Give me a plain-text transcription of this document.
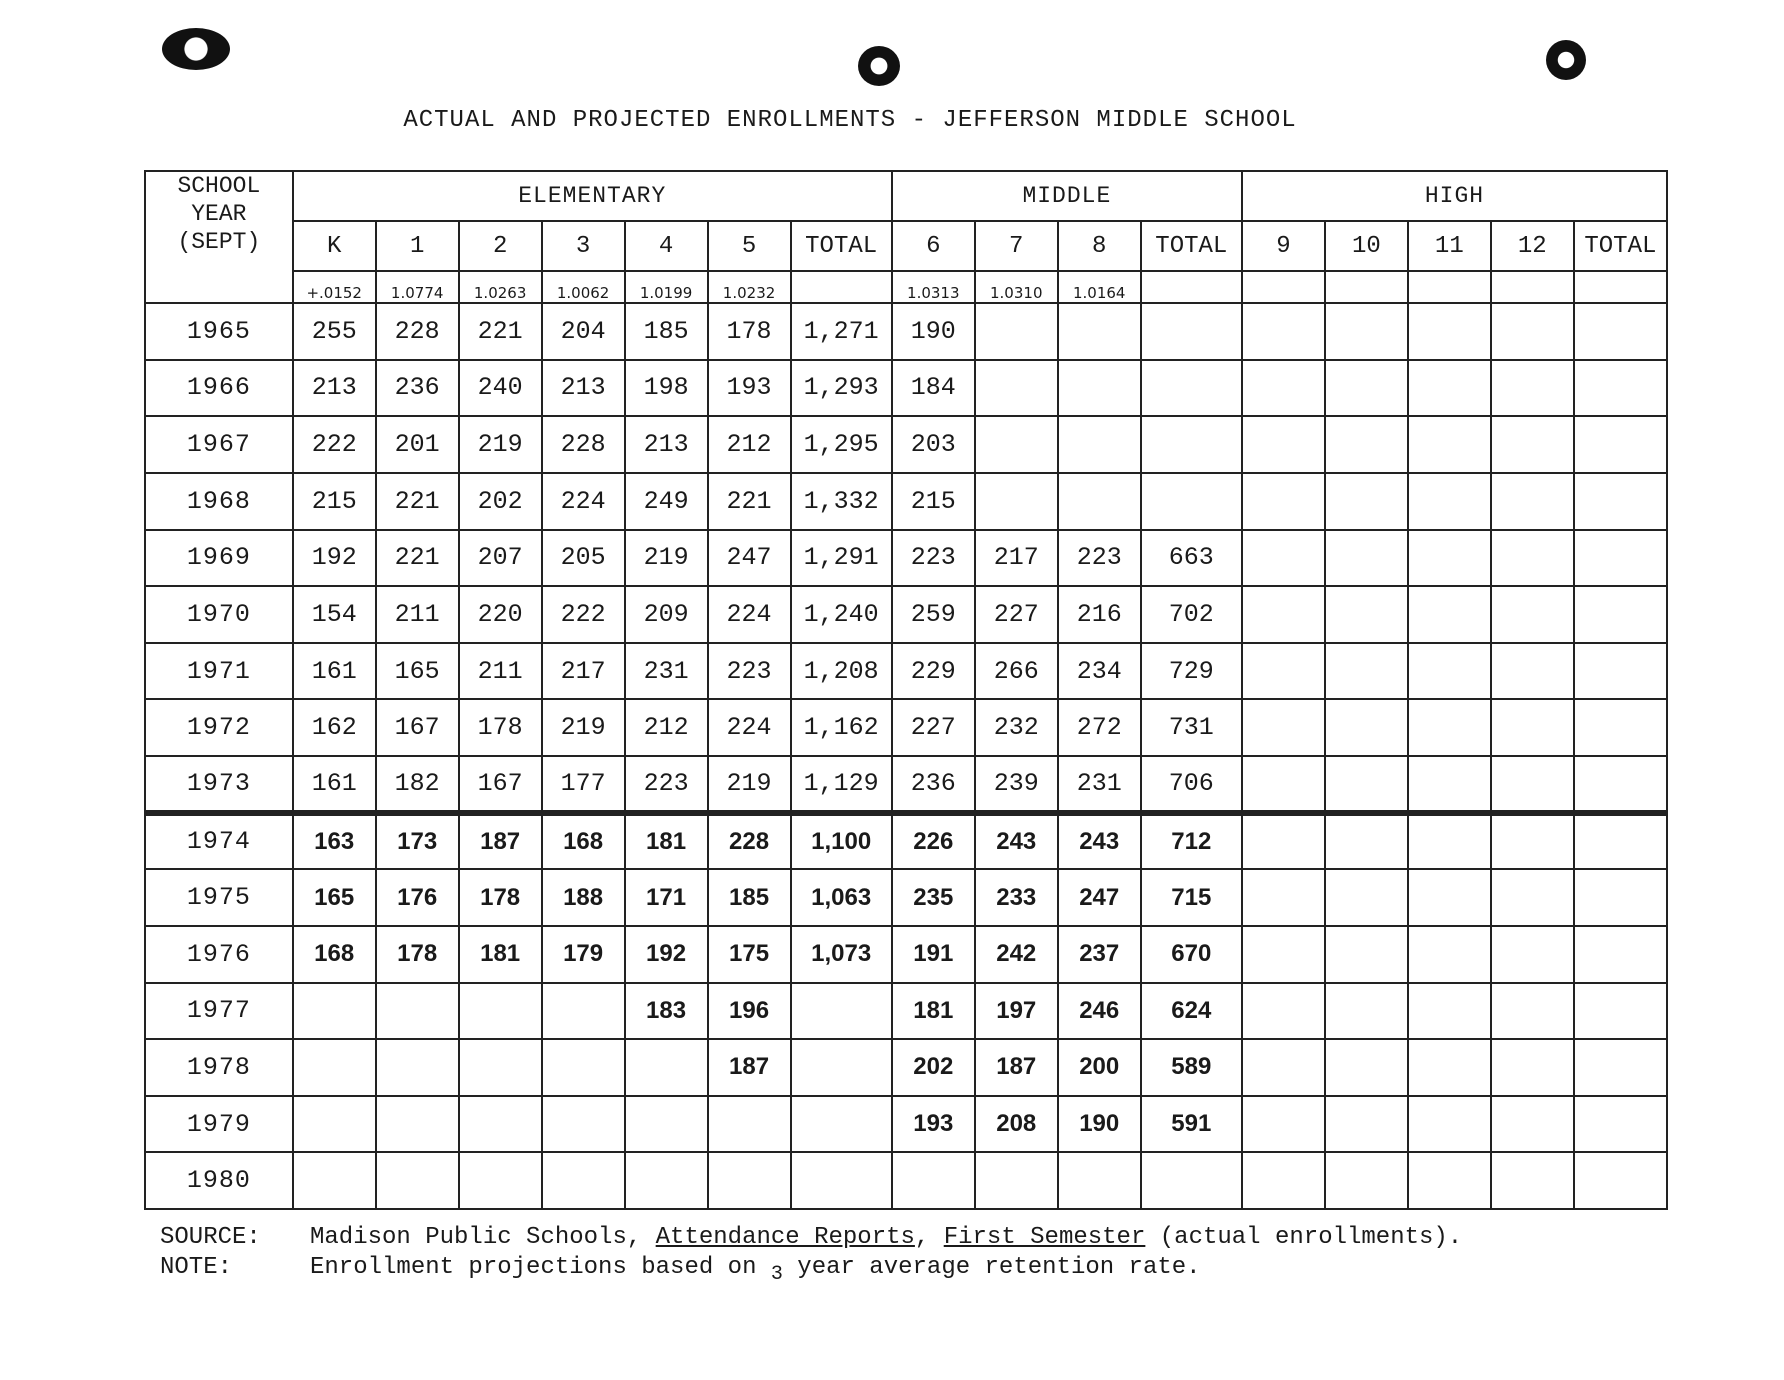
ACTUAL AND PROJECTED ENROLLMENTS - JEFFERSON MIDDLE SCHOOL
SCHOOL
YEAR
(SEPT)	ELEMENTARY							MIDDLE				HIGH				
	K	1	2	3	4	5	TOTAL	6	7	8	TOTAL	9	10	11	12	TOTAL
	+.0152	1.0774	1.0263	1.0062	1.0199	1.0232		1.0313	1.0310	1.0164						
1965	255	228	221	204	185	178	1,271	190								
1966	213	236	240	213	198	193	1,293	184								
1967	222	201	219	228	213	212	1,295	203								
1968	215	221	202	224	249	221	1,332	215								
1969	192	221	207	205	219	247	1,291	223	217	223	663					
1970	154	211	220	222	209	224	1,240	259	227	216	702					
1971	161	165	211	217	231	223	1,208	229	266	234	729					
1972	162	167	178	219	212	224	1,162	227	232	272	731					
1973	161	182	167	177	223	219	1,129	236	239	231	706					
1974	163	173	187	168	181	228	1,100	226	243	243	712					
1975	165	176	178	188	171	185	1,063	235	233	247	715					
1976	168	178	181	179	192	175	1,073	191	242	237	670					
1977					183	196		181	197	246	624					
1978						187		202	187	200	589					
1979								193	208	190	591					
1980																
SOURCE: Madison Public Schools, Attendance Reports, First Semester (actual enrollments).
NOTE:	Enrollment projections based on $_3$ year average retention rate.
